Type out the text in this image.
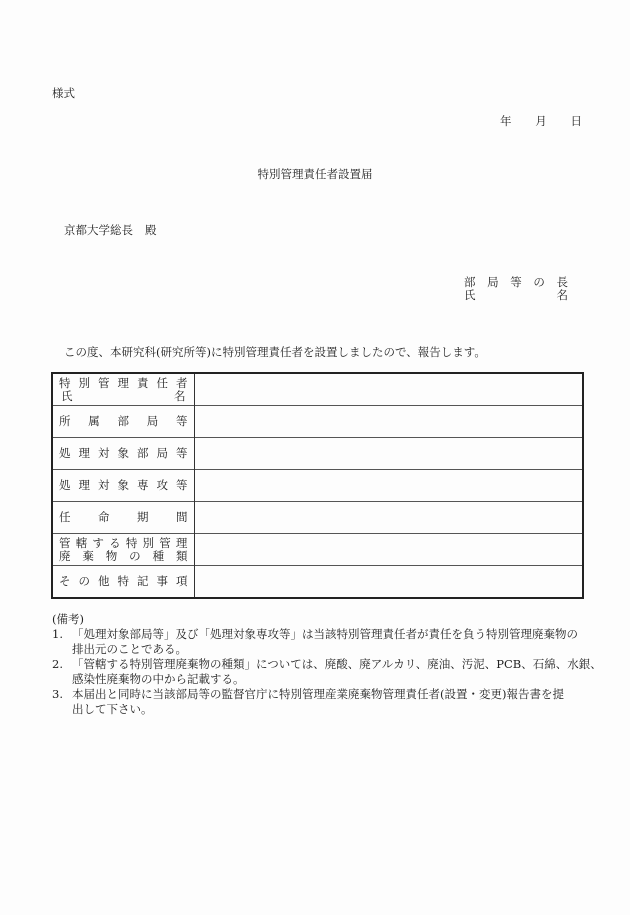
様式
年 月 日
特別管理責任者設置届
京都大学総長 殿
部 局 等 の 長
氏	名
この度、本研究科(研究所等)に特別管理責任者を設置しましたので、報告します。
特 別 管 理 責 任 者
氏	名

所 属 部 局 等	

処 理 対 象 部 局 等

処 理 対 象 専 攻 等

任 命 期 間	

管 轄 す る 特 別 管 理
廃 棄 物 の 種 類

そ の 他 特 記 事 項

(備考)
1. 「処理対象部局等」及び「処理対象専攻等」は当該特別管理責任者が責任を負う特別管理廃棄物の
排出元のことである。
2. 「管轄する特別管理廃棄物の種類」については、廃酸、廃アルカリ、廃油、汚泥、PCB、石綿、水銀、
感染性廃棄物の中から記載する。
3. 本届出と同時に当該部局等の監督官庁に特別管理産業廃棄物管理責任者(設置・変更)報告書を提
出して下さい。
